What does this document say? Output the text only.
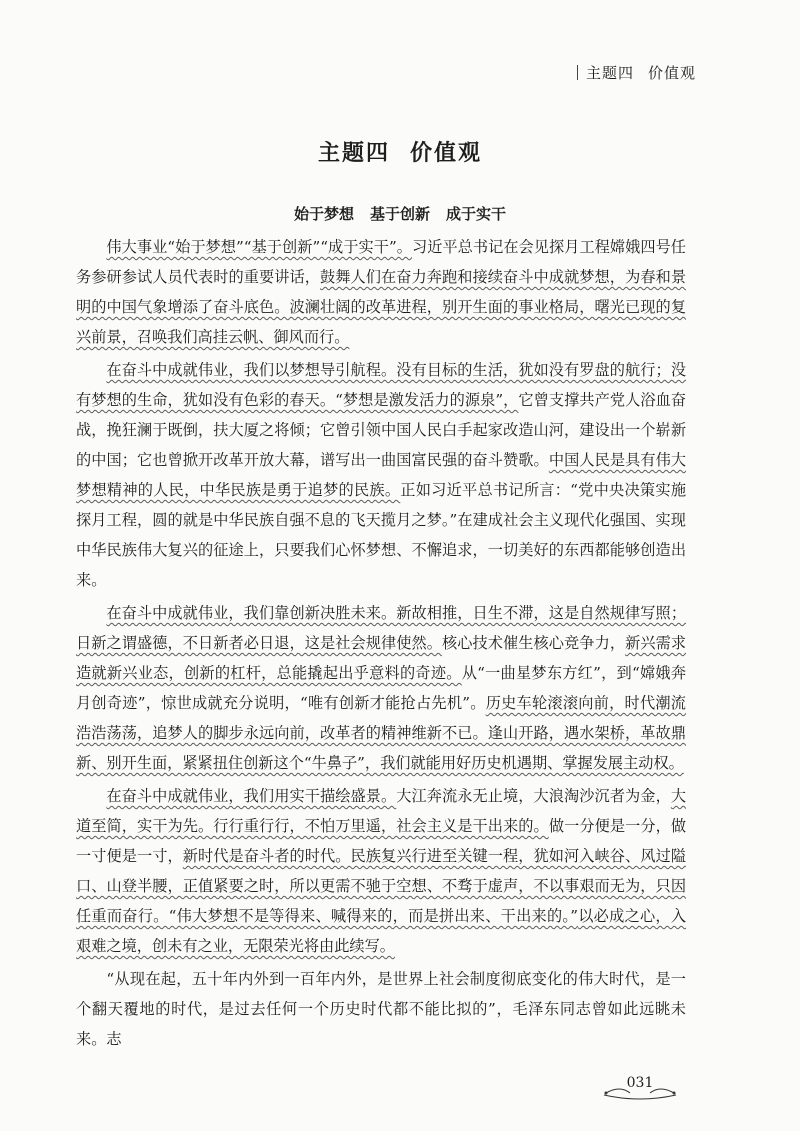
主题四 价值观
主题四 价值观
始于梦想 基于创新 成于实干

伟大事业“始于梦想”“基于创新”“成于实干”。习近平总书记在会见探月工程嫦娥四号任务参研参试人员代表时的重要讲话，鼓舞人们在奋力奔跑和接续奋斗中成就梦想，为春和景明的中国气象增添了奋斗底色。波澜壮阔的改革进程，别开生面的事业格局，曙光已现的复兴前景，召唤我们高挂云帆、御风而行。

在奋斗中成就伟业，我们以梦想导引航程。没有目标的生活，犹如没有罗盘的航行；没有梦想的生命，犹如没有色彩的春天。“梦想是激发活力的源泉”，它曾支撑共产党人浴血奋战，挽狂澜于既倒，扶大厦之将倾；它曾引领中国人民白手起家改造山河，建设出一个崭新的中国；它也曾掀开改革开放大幕，谱写出一曲国富民强的奋斗赞歌。中国人民是具有伟大梦想精神的人民，中华民族是勇于追梦的民族。正如习近平总书记所言：“党中央决策实施探月工程，圆的就是中华民族自强不息的飞天揽月之梦。”在建成社会主义现代化强国、实现中华民族伟大复兴的征途上，只要我们心怀梦想、不懈追求，一切美好的东西都能够创造出来。

在奋斗中成就伟业，我们靠创新决胜未来。新故相推，日生不滞，这是自然规律写照；日新之谓盛德，不日新者必日退，这是社会规律使然。核心技术催生核心竞争力，新兴需求造就新兴业态，创新的杠杆，总能撬起出乎意料的奇迹。从“一曲星梦东方红”，到“嫦娥奔月创奇迹”，惊世成就充分说明，“唯有创新才能抢占先机”。历史车轮滚滚向前，时代潮流浩浩荡荡，追梦人的脚步永远向前，改革者的精神维新不已。逢山开路，遇水架桥，革故鼎新、别开生面，紧紧扭住创新这个“牛鼻子”，我们就能用好历史机遇期、掌握发展主动权。

在奋斗中成就伟业，我们用实干描绘盛景。大江奔流永无止境，大浪淘沙沉者为金，大道至简，实干为先。行行重行行，不怕万里遥，社会主义是干出来的。做一分便是一分，做一寸便是一寸，新时代是奋斗者的时代。民族复兴行进至关键一程，犹如河入峡谷、风过隘口、山登半腰，正值紧要之时，所以更需不驰于空想、不骛于虚声，不以事艰而无为，只因任重而奋行。“伟大梦想不是等得来、喊得来的，而是拼出来、干出来的。”以必成之心，入艰难之境，创未有之业，无限荣光将由此续写。

“从现在起，五十年内外到一百年内外，是世界上社会制度彻底变化的伟大时代，是一个翻天覆地的时代，是过去任何一个历史时代都不能比拟的”，毛泽东同志曾如此远眺未来。志

031
